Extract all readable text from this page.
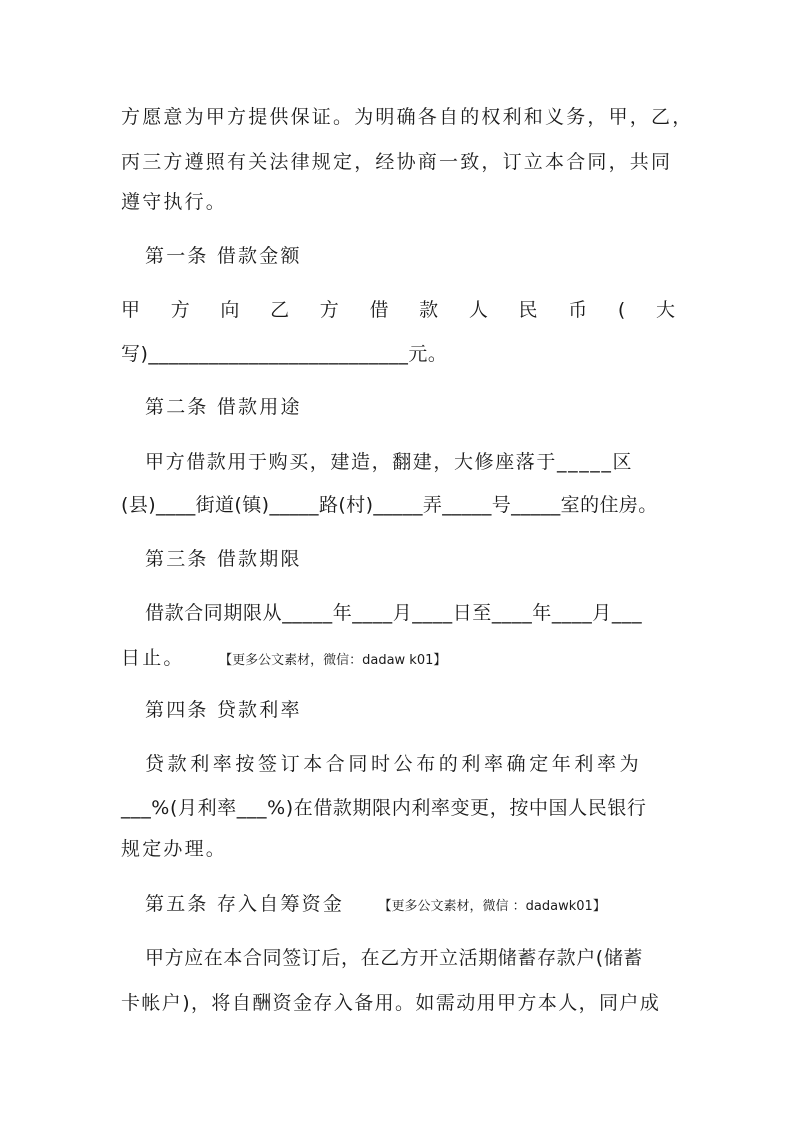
方愿意为甲方提供保证。为明确各自的权利和义务，甲，乙，
丙三方遵照有关法律规定，经协商一致，订立本合同，共同
遵守执行。
第一条 借款金额
甲 方 向 乙 方 借 款 人 民 币 ( 大
写)__________________________元。
第二条 借款用途
甲方借款用于购买，建造，翻建，大修座落于_____区
(县)____街道(镇)_____路(村)_____弄_____号_____室的住房。
第三条 借款期限
借款合同期限从_____年____月____日至____年____月___
日止。	【更多公文素材，微信：dadaw k01】
第四条 贷款利率
贷款利率按签订本合同时公布的利率确定年利率为
___%(月利率___%)在借款期限内利率变更，按中国人民银行
规定办理。
第五条 存入自筹资金	【更多公文素材，微信 ：dadawk01】
甲方应在本合同签订后，在乙方开立活期储蓄存款户(储蓄
卡帐户)，将自酬资金存入备用。如需动用甲方本人，同户成
